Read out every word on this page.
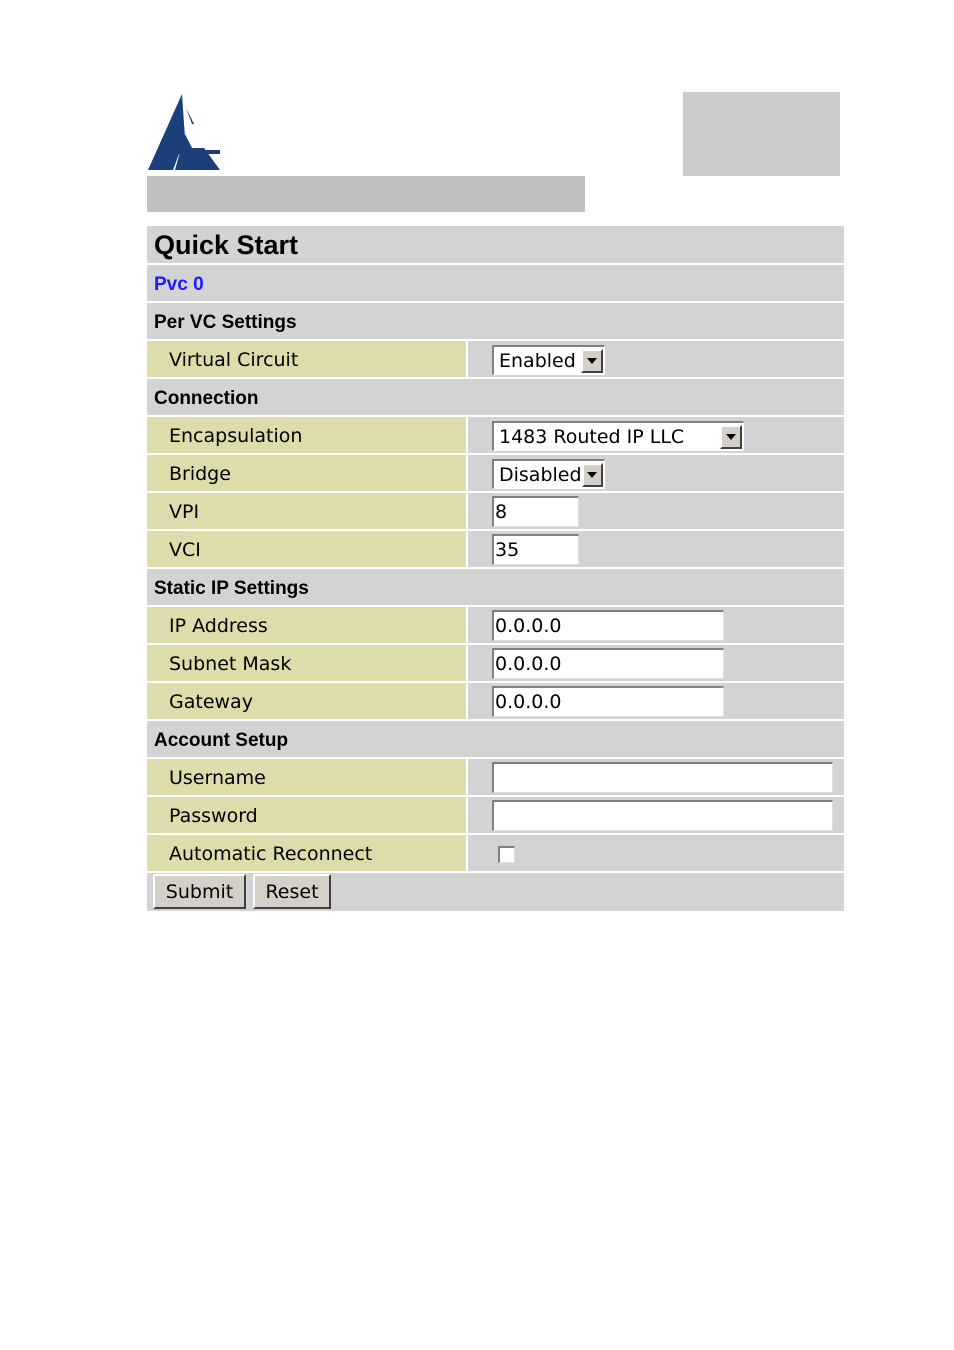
Quick Start
Pvc 0
Per VC Settings
Virtual Circuit	Enabled
Connection
Encapsulation	1483 Routed IP LLC
Bridge	Disabled
VPI	8
VCI	35
Static IP Settings
IP Address	0.0.0.0
Subnet Mask	0.0.0.0
Gateway	0.0.0.0
Account Setup
Username
Password
Automatic Reconnect
Submit	Reset
